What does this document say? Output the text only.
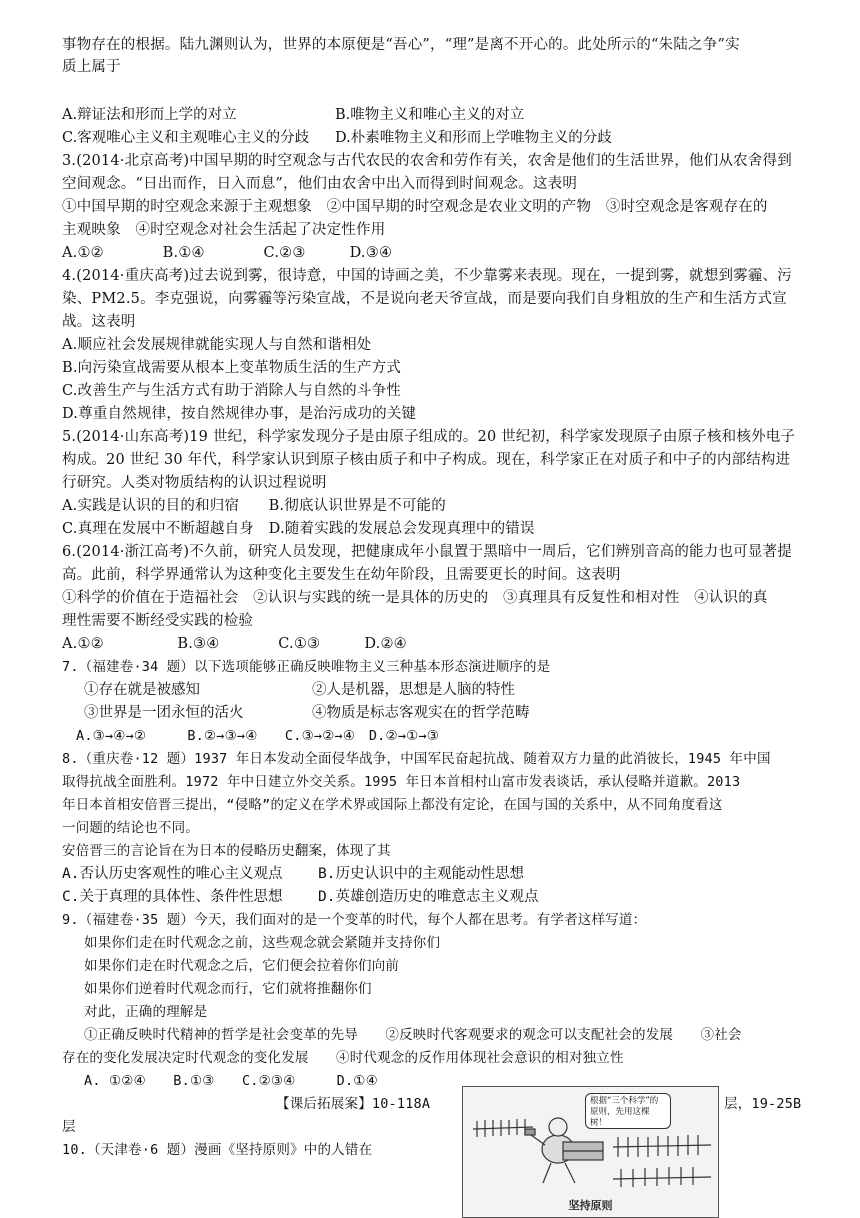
事物存在的根据。陆九渊则认为，世界的本原便是“吾心”，“理”是离不开心的。此处所示的“朱陆之争”实
质上属于
A.辩证法和形而上学的对立	B.唯物主义和唯心主义的对立
C.客观唯心主义和主观唯心主义的分歧 D.朴素唯物主义和形而上学唯物主义的分歧
3.(2014·北京高考)中国早期的时空观念与古代农民的农舍和劳作有关，农舍是他们的生活世界，他们从农舍得到
空间观念。“日出而作，日入而息”，他们由农舍中出入而得到时间观念。这表明
①中国早期的时空观念来源于主观想象　②中国早期的时空观念是农业文明的产物　③时空观念是客观存在的
主观映象　④时空观念对社会生活起了决定性作用
A.①②　　　　B.①④　　　　C.②③　　　D.③④
4.(2014·重庆高考)过去说到雾，很诗意，中国的诗画之美，不少靠雾来表现。现在，一提到雾，就想到雾霾、污
染、PM2.5。李克强说，向雾霾等污染宣战，不是说向老天爷宣战，而是要向我们自身粗放的生产和生活方式宣
战。这表明
A.顺应社会发展规律就能实现人与自然和谐相处
B.向污染宣战需要从根本上变革物质生活的生产方式
C.改善生产与生活方式有助于消除人与自然的斗争性
D.尊重自然规律，按自然规律办事，是治污成功的关键
5.(2014·山东高考)19 世纪，科学家发现分子是由原子组成的。20 世纪初，科学家发现原子由原子核和核外电子
构成。20 世纪 30 年代，科学家认识到原子核由质子和中子构成。现在，科学家正在对质子和中子的内部结构进
行研究。人类对物质结构的认识过程说明
A.实践是认识的目的和归宿　　B.彻底认识世界是不可能的
C.真理在发展中不断超越自身　D.随着实践的发展总会发现真理中的错误
6.(2014·浙江高考)不久前，研究人员发现，把健康成年小鼠置于黑暗中一周后，它们辨别音高的能力也可显著提
高。此前，科学界通常认为这种变化主要发生在幼年阶段，且需要更长的时间。这表明
①科学的价值在于造福社会　②认识与实践的统一是具体的历史的　③真理具有反复性和相对性　④认识的真
理性需要不断经受实践的检验
A.①②　　　　　B.③④　　　　C.①③　　　D.②④
7.（福建卷·34 题）以下选项能够正确反映唯物主义三种基本形态演进顺序的是
①存在就是被感知	②人是机器，思想是人脑的特性
③世界是一团永恒的活火	④物质是标志客观实在的哲学范畴
A.③→④→②　　　B.②→③→④　　C.③→②→④　D.②→①→③
8.（重庆卷·12 题）1937 年日本发动全面侵华战争，中国军民奋起抗战、随着双方力量的此消彼长，1945 年中国
取得抗战全面胜利。1972 年中日建立外交关系。1995 年日本首相村山富市发表谈话，承认侵略并道歉。2013
年日本首相安倍晋三提出，“侵略”的定义在学术界或国际上都没有定论，在国与国的关系中，从不同角度看这
一问题的结论也不同。
安倍晋三的言论旨在为日本的侵略历史翻案，体现了其
A.否认历史客观性的唯心主义观点 B.历史认识中的主观能动性思想
C.关于真理的具体性、条件性思想 D.英雄创造历史的唯意志主义观点
9.（福建卷·35 题）今天，我们面对的是一个变革的时代，每个人都在思考。有学者这样写道：
如果你们走在时代观念之前，这些观念就会紧随并支持你们
如果你们走在时代观念之后，它们便会拉着你们向前
如果你们逆着时代观念而行，它们就将推翻你们
对此，正确的理解是
①正确反映时代精神的哲学是社会变革的先导　　②反映时代客观要求的观念可以支配社会的发展　　③社会
存在的变化发展决定时代观念的变化发展　　④时代观念的反作用体现社会意识的相对独立性
A. ①②④　　B.①③　　C.②③④　　　D.①④
【课后拓展案】10-118A	层，19-25B
层
10.（天津卷·6 题）漫画《坚持原则》中的人错在
根据“三个科学”的原则，先用这棵树！
坚持原则
